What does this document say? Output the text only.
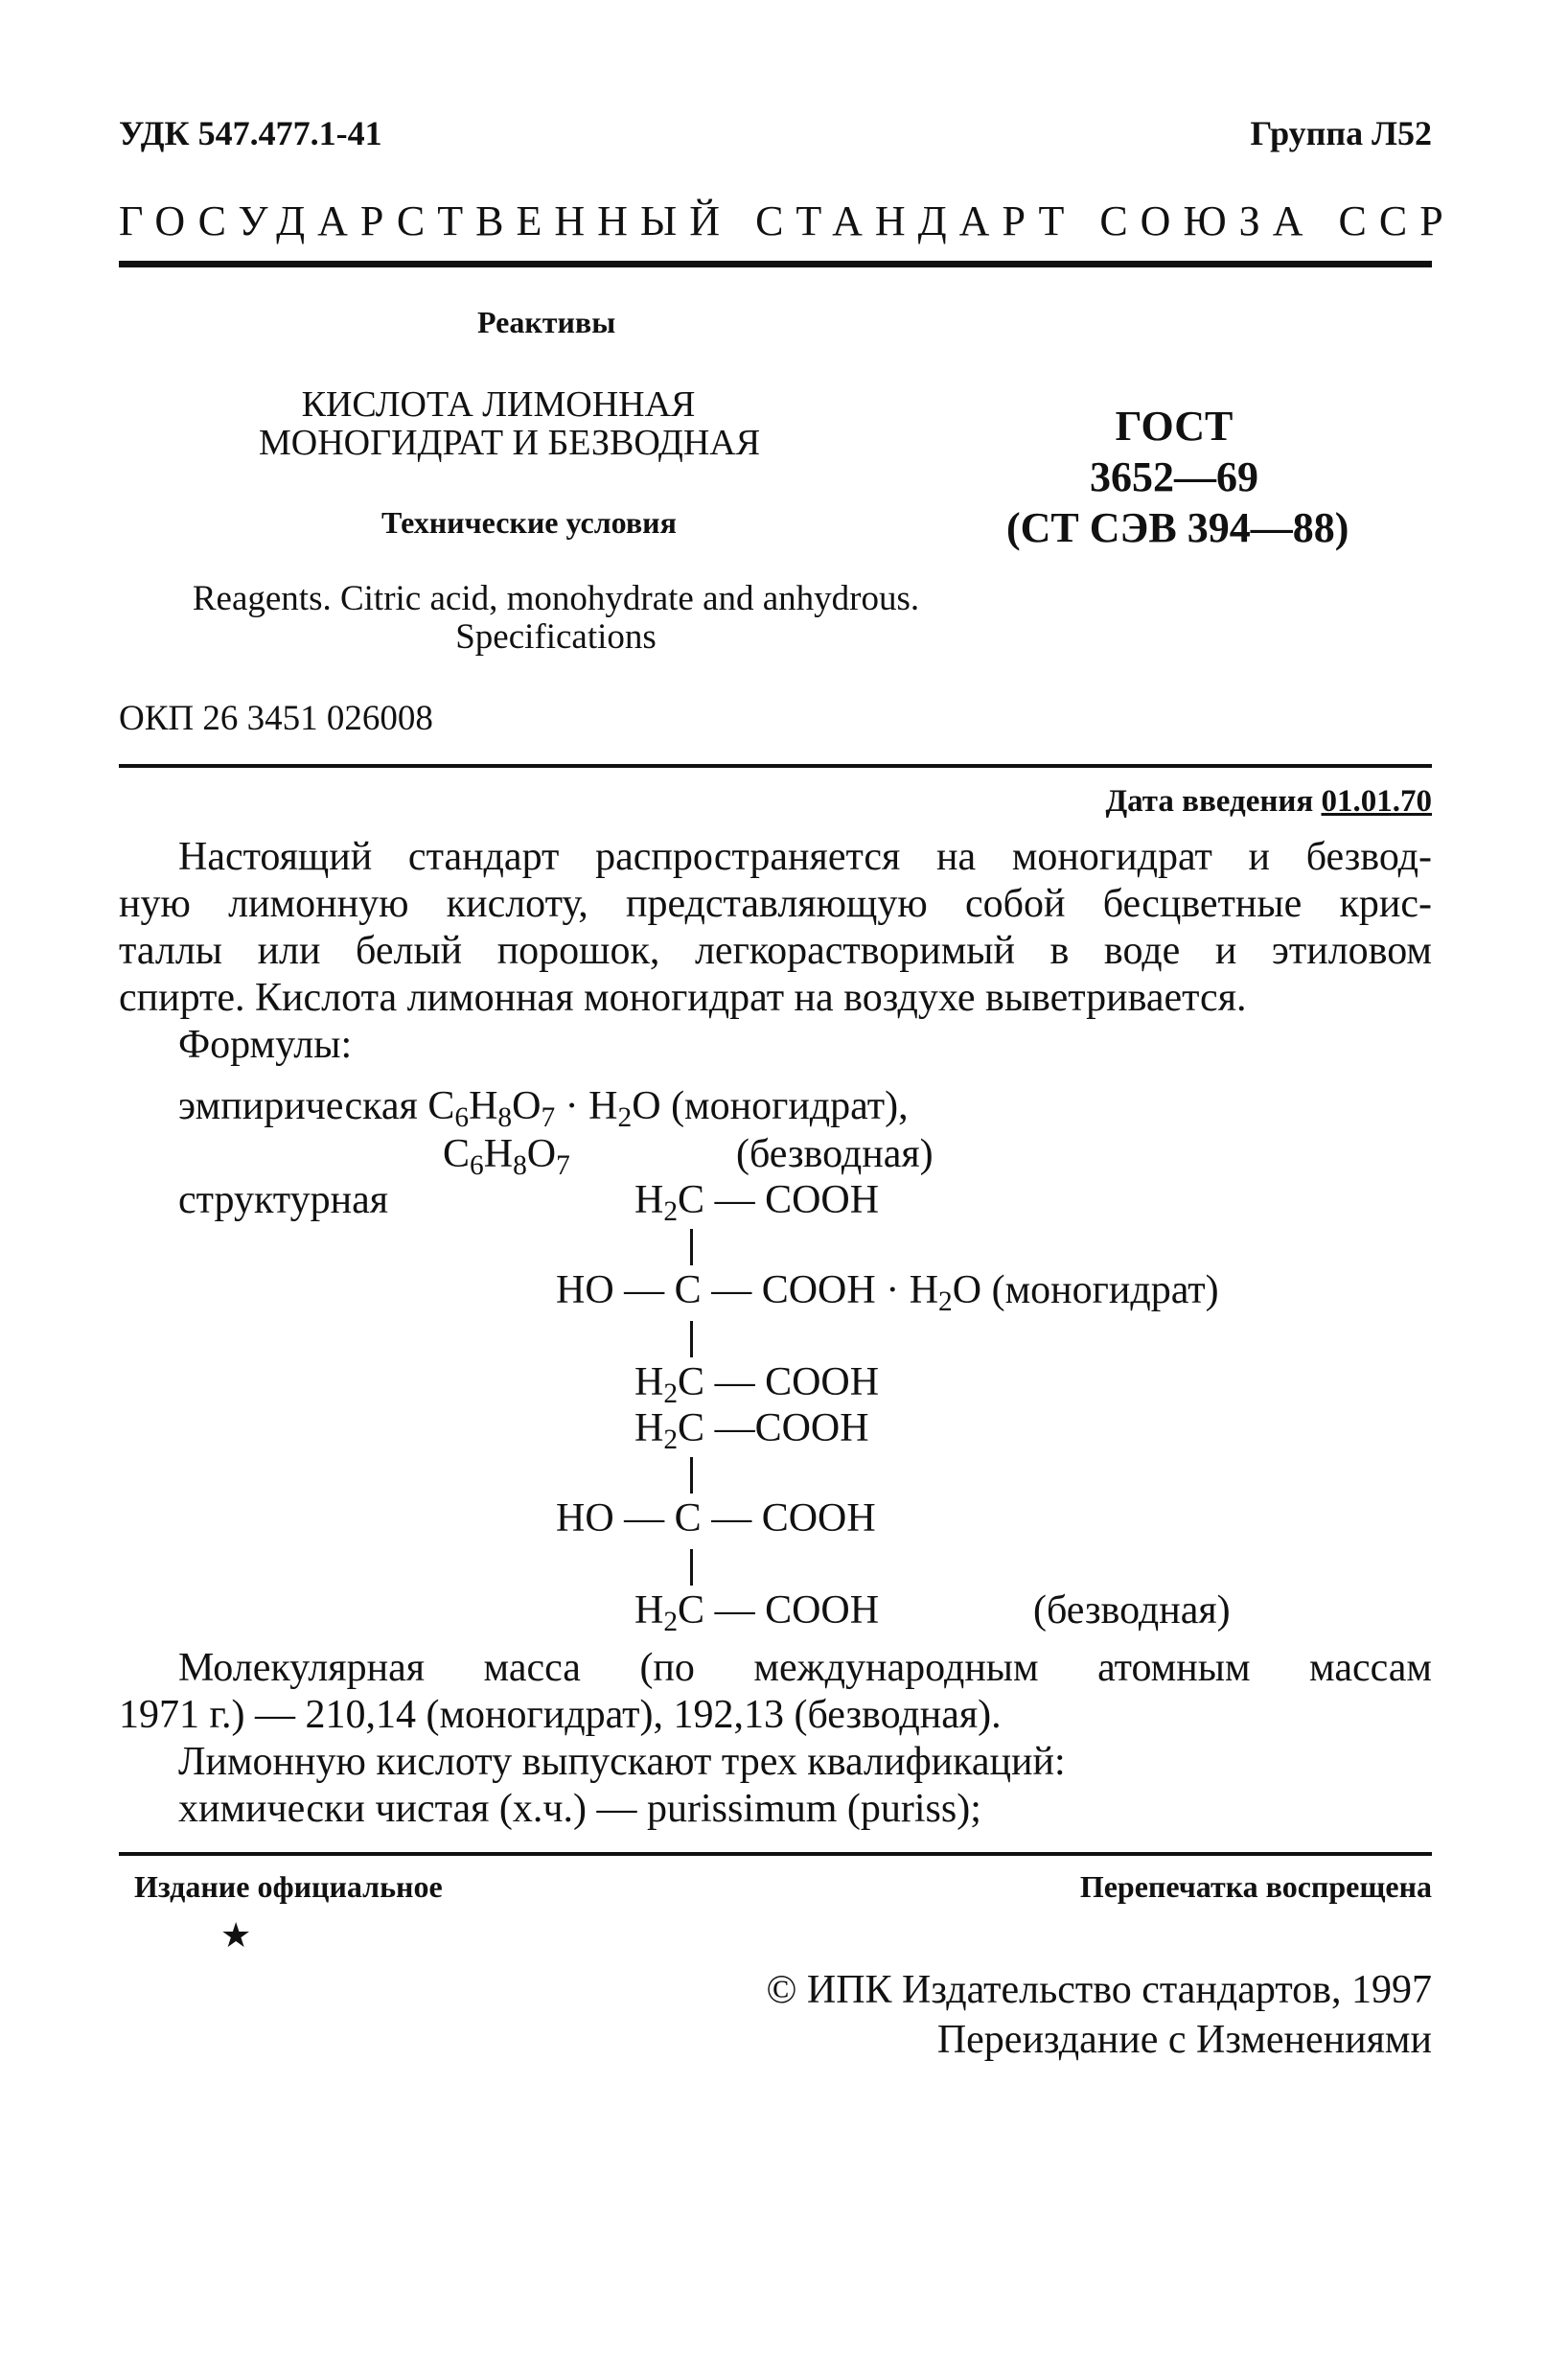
УДК 547.477.1-41	Группа Л52
ГОСУДАРСТВЕННЫЙ СТАНДАРТ СОЮЗА ССР
Реактивы
КИСЛОТА ЛИМОННАЯ
МОНОГИДРАТ И БЕЗВОДНАЯ
Технические условия
ГОСТ
3652—69
(СТ СЭВ 394—88)
Reagents. Citric acid, monohydrate and anhydrous.
Specifications
ОКП 26 3451 026008
Дата введения 01.01.70
Настоящий стандарт распространяется на моногидрат и безвод-
ную лимонную кислоту, представляющую собой бесцветные крис-
таллы или белый порошок, легкорастворимый в воде и этиловом
спирте. Кислота лимонная моногидрат на воздухе выветривается.
Формулы:
эмпирическая $C_6H_8O_7 \cdot H_2O$ (моногидрат),
$C_6H_8O_7$	(безводная)
структурная	$H_2C$ — COOH
HO — C — COOH · $H_2O$ (моногидрат)
$H_2C$ — COOH
$H_2C$ —COOH
HO — C — COOH
$H_2C$ — COOH	(безводная)
Молекулярная масса (по международным атомным массам
1971 г.) — 210,14 (моногидрат), 192,13 (безводная).
Лимонную кислоту выпускают трех квалификаций:
химически чистая (х.ч.) — purissimum (puriss);
Издание официальное	Перепечатка воспрещена
★
© ИПК Издательство стандартов, 1997
Переиздание с Изменениями
